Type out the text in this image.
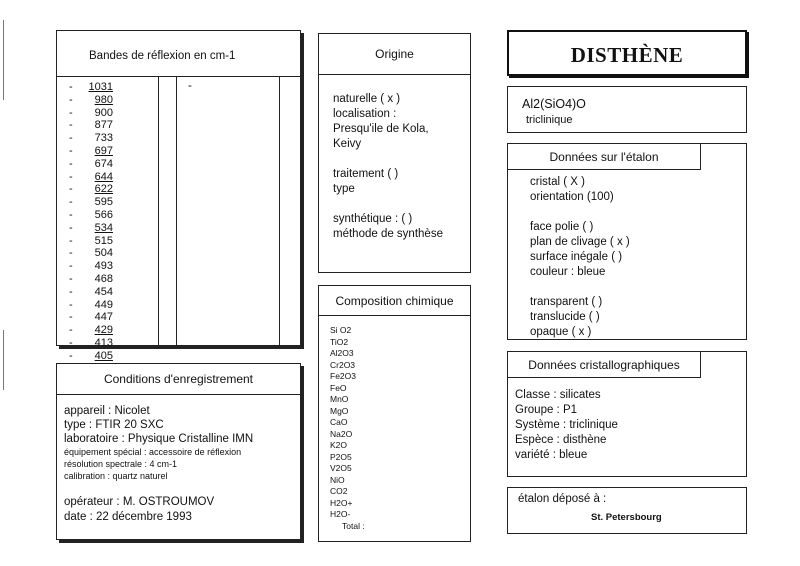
Bandes de réflexion en cm-1
-
-	1031
-	980
-	900
-	877
-	733
-	697
-	674
-	644
-	622
-	595
-	566
-	534
-	515
-	504
-	493
-	468
-	454
-	449
-	447
-	429
-	413
-	405
Origine
naturelle ( x )
localisation :
Presqu'ile de Kola,
Keivy

traitement ( )
type

synthétique : ( )
méthode de synthèse
Composition chimique
Si O2
TiO2
Al2O3
Cr2O3
Fe2O3
FeO
MnO
MgO
CaO
Na2O
K2O
P2O5
V2O5
NiO
CO2
H2O+
H2O-
Total :
DISTHÈNE
Al2(SiO4)O
triclinique
Données sur l'étalon
cristal ( X )
orientation (100)

face polie ( )
plan de clivage ( x )
surface inégale ( )
couleur : bleue

transparent ( )
translucide ( )
opaque ( x )
Conditions d'enregistrement
appareil : Nicolet
type : FTIR 20 SXC
laboratoire : Physique Cristalline IMN
équipement spécial : accessoire de réflexion
résolution spectrale : 4 cm-1
calibration : quartz naturel
opérateur : M. OSTROUMOV
date : 22 décembre 1993
Données cristallographiques
Classe : silicates
Groupe : P1
Système : triclinique
Espèce : disthène
variété : bleue
étalon déposé à :
St. Petersbourg
